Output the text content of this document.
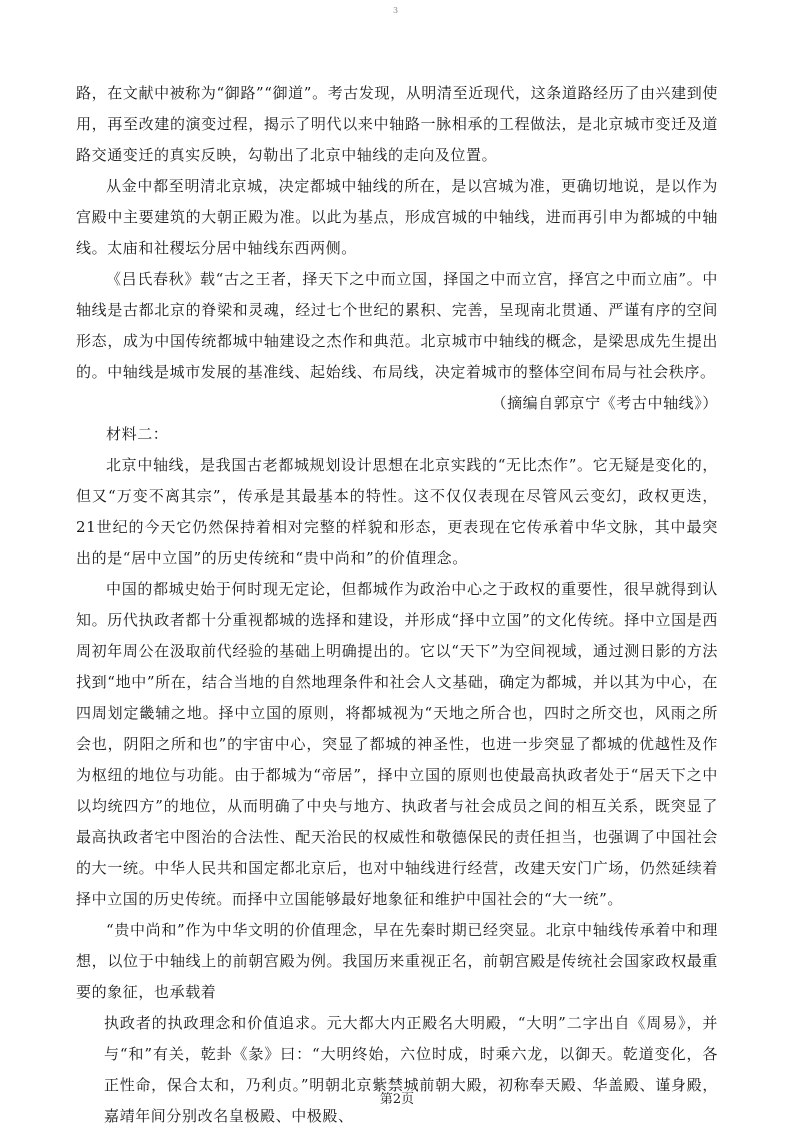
3

路，在文献中被称为“御路”“御道”。考古发现，从明清至近现代，这条道路经历了由兴建到使用，再至改建的演变过程，揭示了明代以来中轴路一脉相承的工程做法，是北京城市变迁及道路交通变迁的真实反映，勾勒出了北京中轴线的走向及位置。

从金中都至明清北京城，决定都城中轴线的所在，是以宫城为准，更确切地说，是以作为宫殿中主要建筑的大朝正殿为准。以此为基点，形成宫城的中轴线，进而再引申为都城的中轴线。太庙和社稷坛分居中轴线东西两侧。

《吕氏春秋》载“古之王者，择天下之中而立国，择国之中而立宫，择宫之中而立庙”。中轴线是古都北京的脊梁和灵魂，经过七个世纪的累积、完善，呈现南北贯通、严谨有序的空间形态，成为中国传统都城中轴建设之杰作和典范。北京城市中轴线的概念，是梁思成先生提出的。中轴线是城市发展的基准线、起始线、布局线，决定着城市的整体空间布局与社会秩序。

（摘编自郭京宁《考古中轴线》）

材料二：

北京中轴线，是我国古老都城规划设计思想在北京实践的“无比杰作”。它无疑是变化的，但又“万变不离其宗”，传承是其最基本的特性。这不仅仅表现在尽管风云变幻，政权更迭，21世纪的今天它仍然保持着相对完整的样貌和形态，更表现在它传承着中华文脉，其中最突出的是“居中立国”的历史传统和“贵中尚和”的价值理念。

中国的都城史始于何时现无定论，但都城作为政治中心之于政权的重要性，很早就得到认知。历代执政者都十分重视都城的选择和建设，并形成“择中立国”的文化传统。择中立国是西周初年周公在汲取前代经验的基础上明确提出的。它以“天下”为空间视域，通过测日影的方法找到“地中”所在，结合当地的自然地理条件和社会人文基础，确定为都城，并以其为中心，在四周划定畿辅之地。择中立国的原则，将都城视为“天地之所合也，四时之所交也，风雨之所会也，阴阳之所和也”的宇宙中心，突显了都城的神圣性，也进一步突显了都城的优越性及作为枢纽的地位与功能。由于都城为“帝居”，择中立国的原则也使最高执政者处于“居天下之中以均统四方”的地位，从而明确了中央与地方、执政者与社会成员之间的相互关系，既突显了最高执政者宅中图治的合法性、配天治民的权威性和敬德保民的责任担当，也强调了中国社会的大一统。中华人民共和国定都北京后，也对中轴线进行经营，改建天安门广场，仍然延续着择中立国的历史传统。而择中立国能够最好地象征和维护中国社会的“大一统”。

“贵中尚和”作为中华文明的价值理念，早在先秦时期已经突显。北京中轴线传承着中和理想，以位于中轴线上的前朝宫殿为例。我国历来重视正名，前朝宫殿是传统社会国家政权最重要的象征，也承载着

执政者的执政理念和价值追求。元大都大内正殿名大明殿，“大明”二字出自《周易》，并与“和”有关，乾卦《彖》曰：“大明终始，六位时成，时乘六龙，以御天。乾道变化，各正性命，保合太和，乃利贞。”明朝北京紫禁城前朝大殿，初称奉天殿、华盖殿、谨身殿，嘉靖年间分别改名皇极殿、中极殿、

第2页
